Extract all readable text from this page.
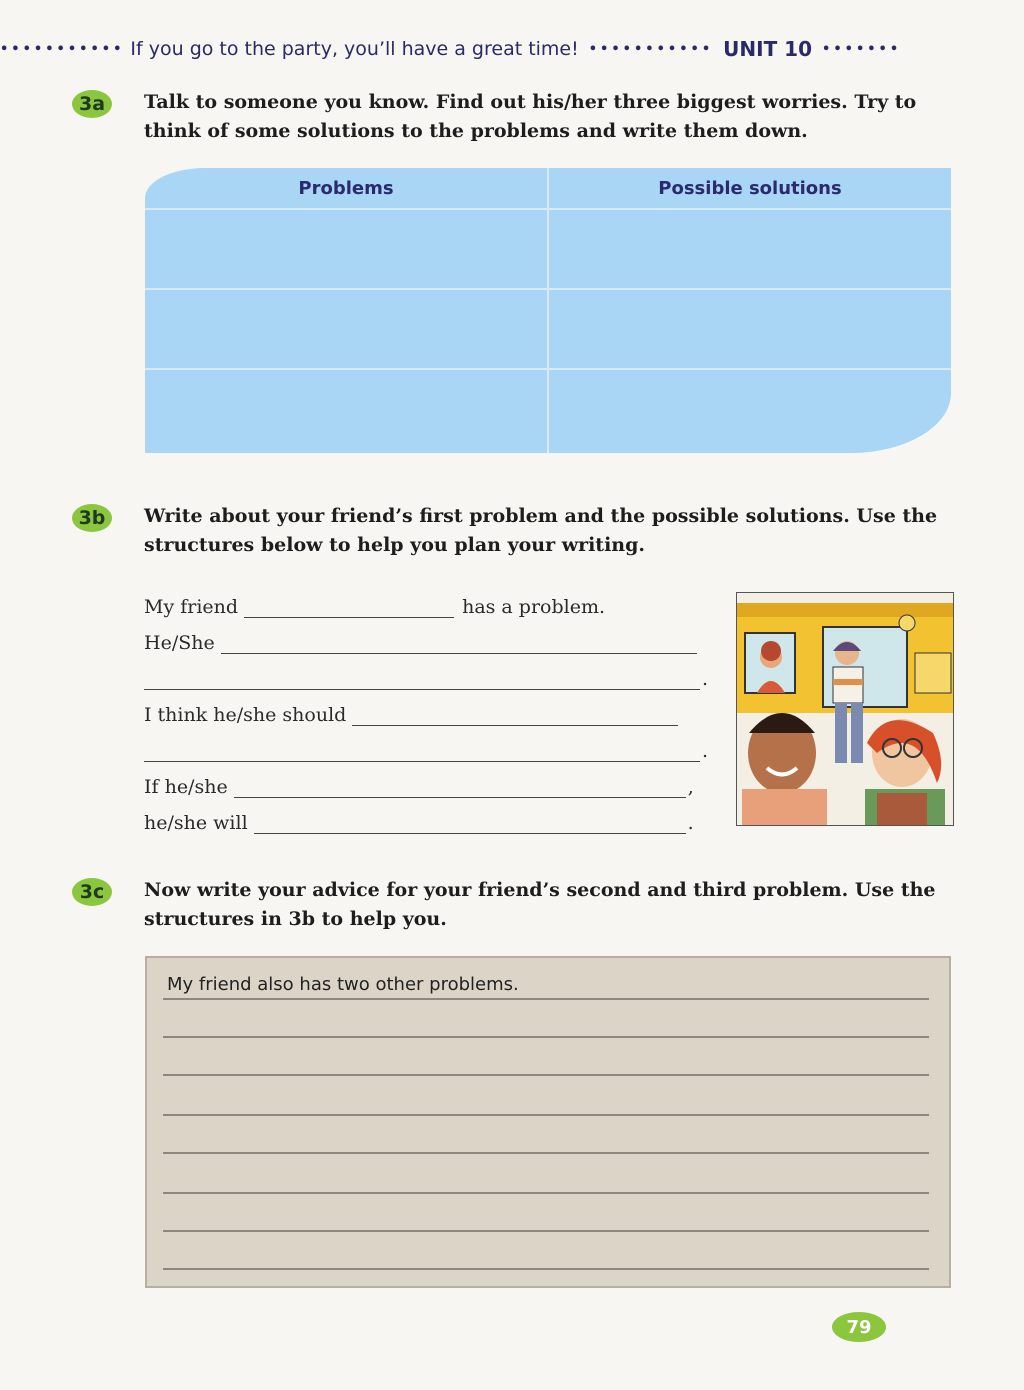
••••••••••• If you go to the party, you’ll have a great time! ••••••••••• UNIT 10 •••••••
3a	Talk to someone you know. Find out his/her three biggest worries. Try to think of some solutions to the problems and write them down.
Problems	Possible solutions
3b	Write about your friend’s first problem and the possible solutions. Use the structures below to help you plan your writing.
My friend	has a problem.
He/She
.
I think he/she should
.
If he/she	,
he/she will	.
3c	Now write your advice for your friend’s second and third problem. Use the structures in 3b to help you.
My friend also has two other problems.
79
